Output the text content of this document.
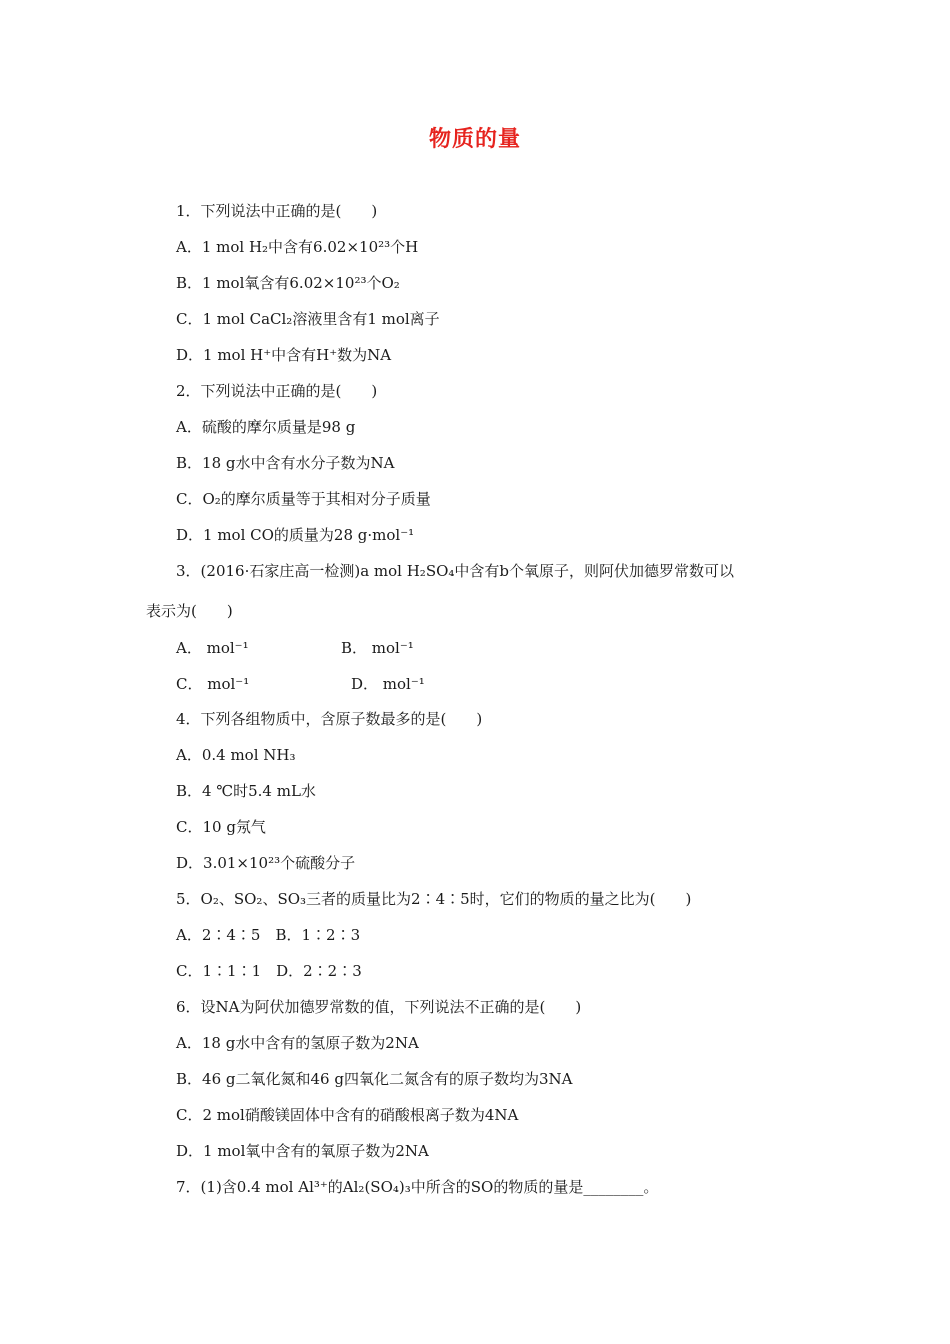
物质的量
1．下列说法中正确的是(　　)
A．1 mol H₂中含有6.02×10²³个H
B．1 mol氧含有6.02×10²³个O₂
C．1 mol CaCl₂溶液里含有1 mol离子
D．1 mol H⁺中含有H⁺数为NA
2．下列说法中正确的是(　　)
A．硫酸的摩尔质量是98 g
B．18 g水中含有水分子数为NA
C．O₂的摩尔质量等于其相对分子质量
D．1 mol CO的质量为28 g·mol⁻¹
3．(2016·石家庄高一检测)a mol H₂SO₄中含有b个氧原子，则阿伏加德罗常数可以
表示为(　　)
A． mol⁻¹	B． mol⁻¹
C． mol⁻¹	D． mol⁻¹
4．下列各组物质中，含原子数最多的是(　　)
A．0.4 mol NH₃
B．4 ℃时5.4 mL水
C．10 g氖气
D．3.01×10²³个硫酸分子
5．O₂、SO₂、SO₃三者的质量比为2∶4∶5时，它们的物质的量之比为(　　)
A．2∶4∶5　B．1∶2∶3
C．1∶1∶1　D．2∶2∶3
6．设NA为阿伏加德罗常数的值，下列说法不正确的是(　　)
A．18 g水中含有的氢原子数为2NA
B．46 g二氧化氮和46 g四氧化二氮含有的原子数均为3NA
C．2 mol硝酸镁固体中含有的硝酸根离子数为4NA
D．1 mol氧中含有的氧原子数为2NA
7．(1)含0.4 mol Al³⁺的Al₂(SO₄)₃中所含的SO的物质的量是________。
